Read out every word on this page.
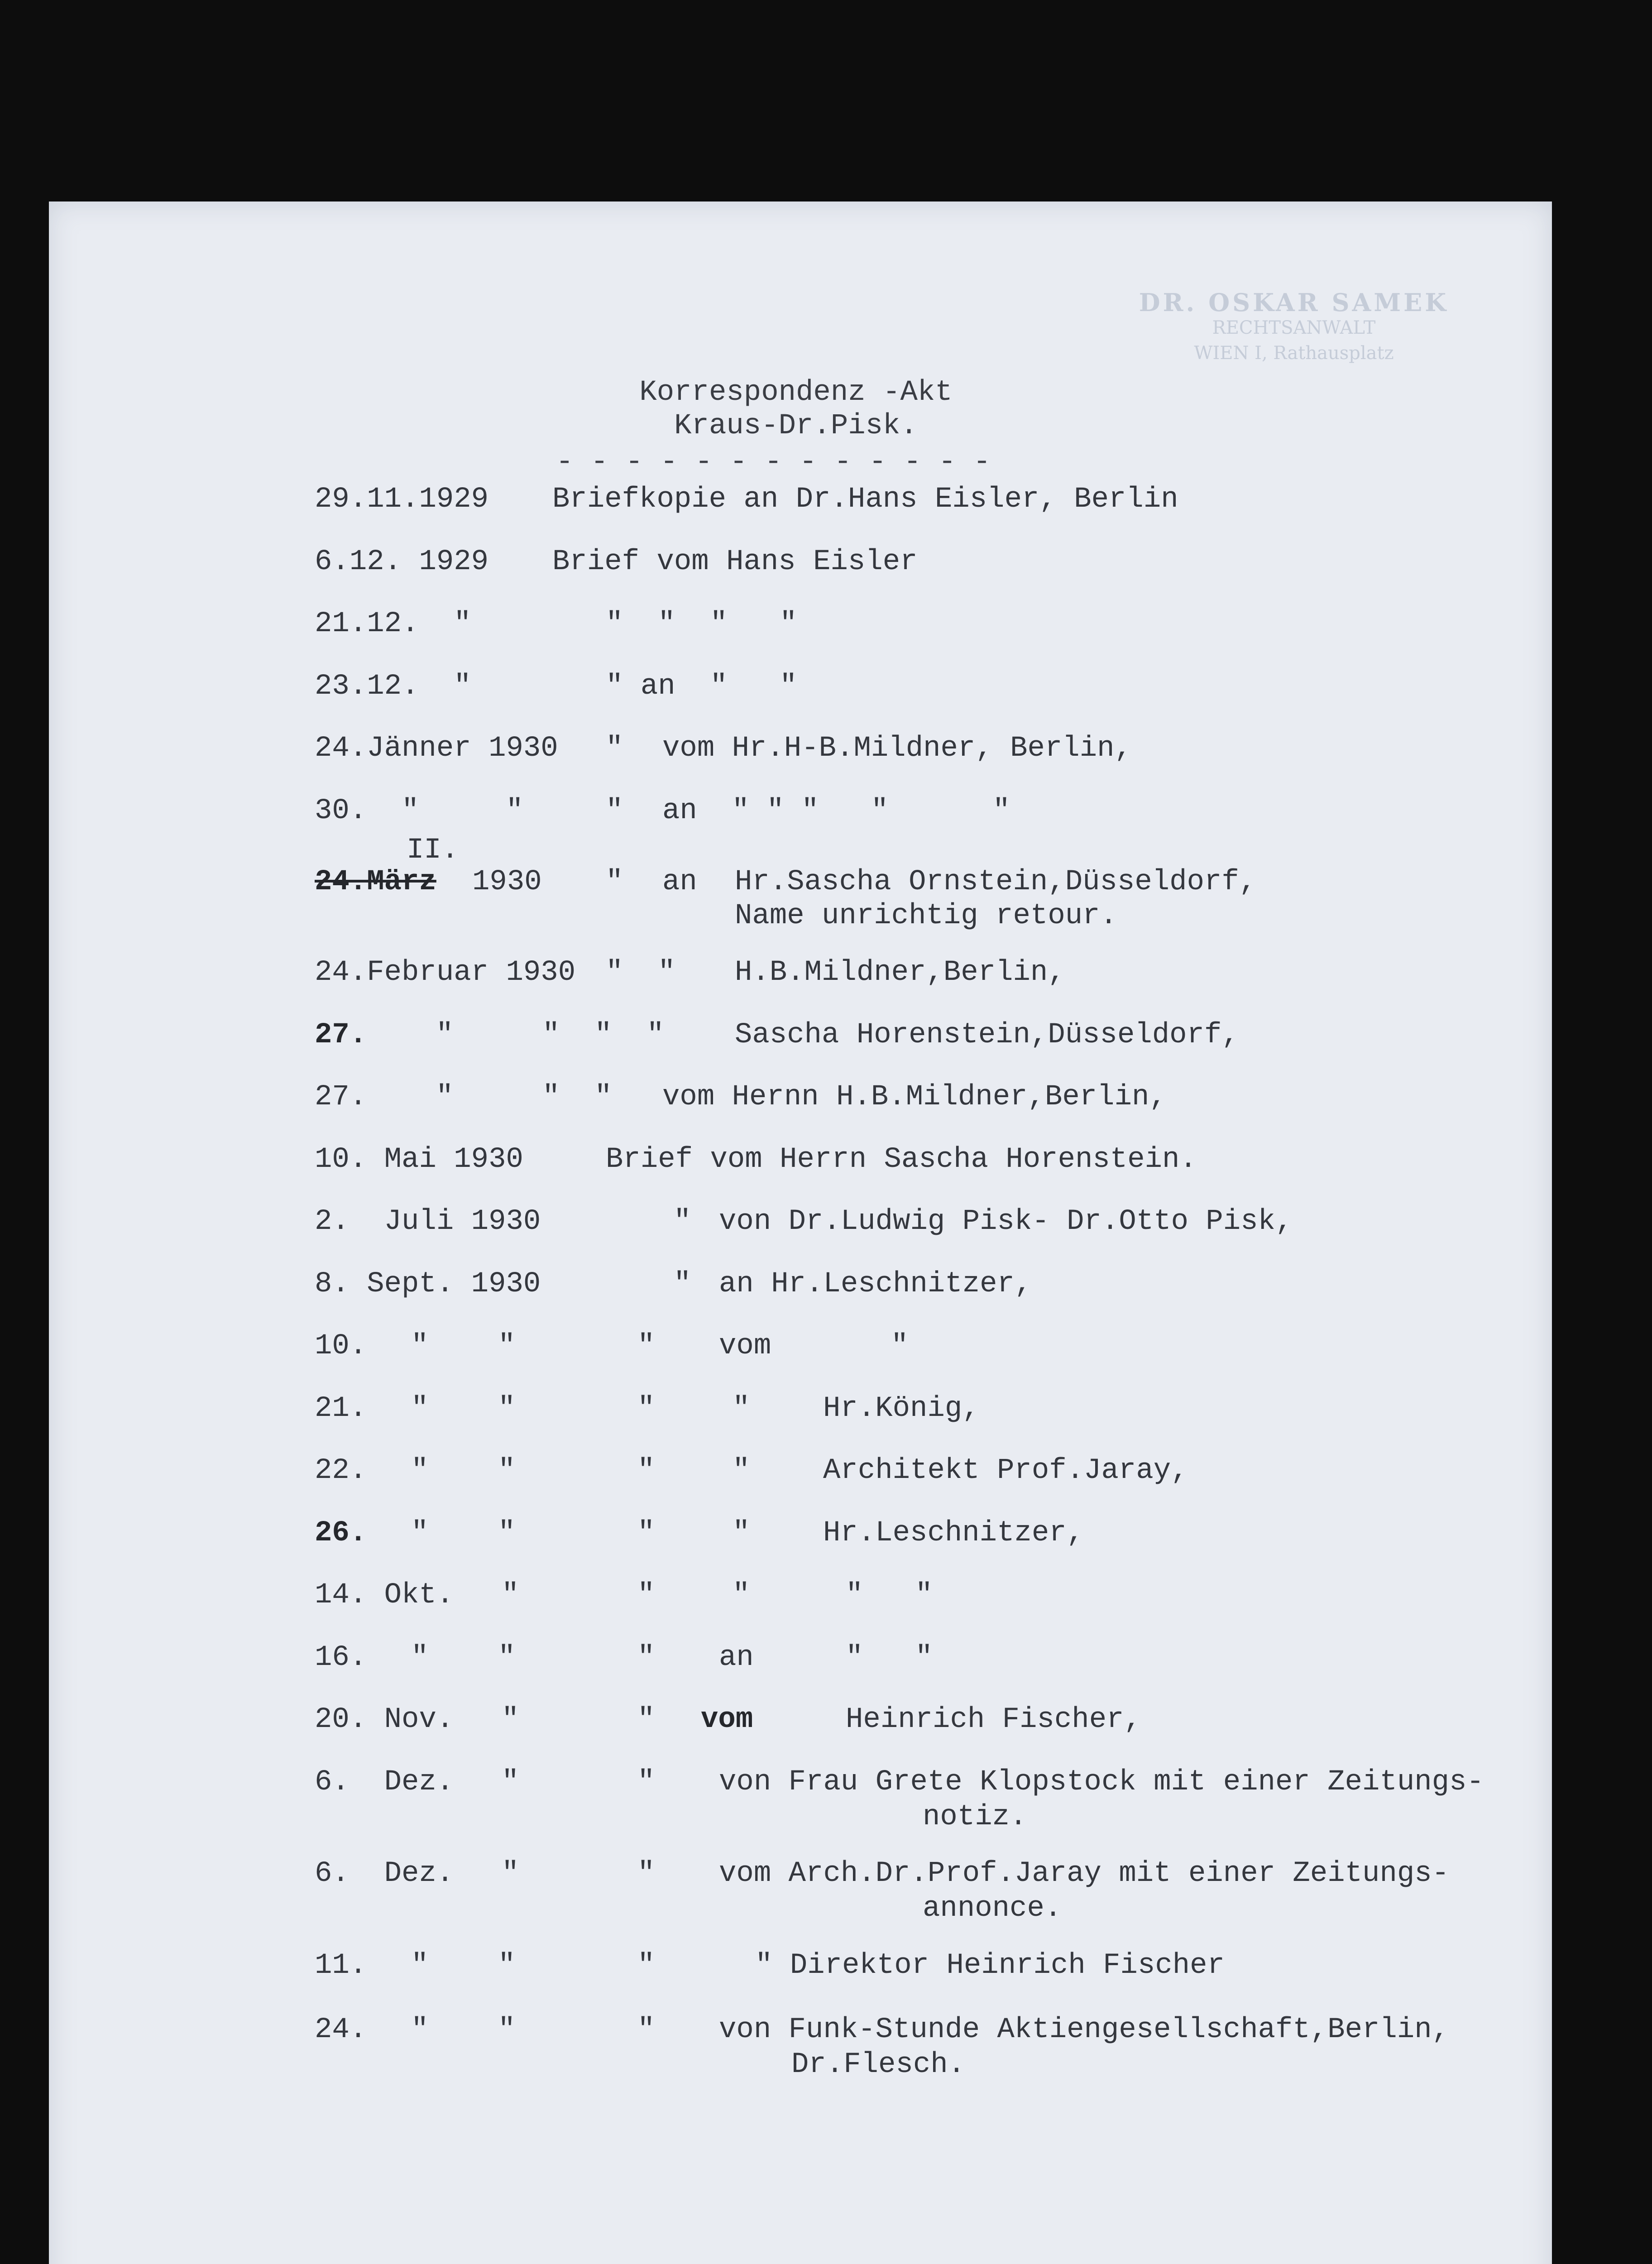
DR. OSKAR SAMEK
RECHTSANWALT
WIEN I, Rathausplatz
Korrespondenz -Akt
Kraus-Dr.Pisk.
- - - - - - - - - - - - -
29.11.1929 Briefkopie an Dr.Hans Eisler, Berlin
6.12. 1929 Brief vom Hans Eisler
21.12.  "	"  "  "   "
23.12.  "	" an  "   "
24.Jänner 1930 " vom Hr.H-B.Mildner, Berlin,
30.  "     "	" an  " " "   "      "
II.
24.März 1930 " an Hr.Sascha Ornstein,Düsseldorf,
Name unrichtig retour.
24.Februar 1930 "  " H.B.Mildner,Berlin,
27. "	"  "  " Sascha Horenstein,Düsseldorf,
27. "	"  " vom Hernn H.B.Mildner,Berlin,
10. Mai 1930	Brief vom Herrn Sascha Horenstein.
2.  Juli 1930	" von Dr.Ludwig Pisk- Dr.Otto Pisk,
8. Sept. 1930	" an Hr.Leschnitzer,
10. "    "	" vom	"
21. "    "	"	"	Hr.König,
22. "    "	"	"	Architekt Prof.Jaray,
26. "    "	"	"	Hr.Leschnitzer,
14. Okt. "	"	"	"   "
16. "    "	" an	"   "
20. Nov. "	" vom	Heinrich Fischer,
6.  Dez. "	" von Frau Grete Klopstock mit einer Zeitungs-
notiz.
6.  Dez. "	" vom Arch.Dr.Prof.Jaray mit einer Zeitungs-
annonce.
11. "    "	"	" Direktor Heinrich Fischer
24. "    "	" von Funk-Stunde Aktiengesellschaft,Berlin,
Dr.Flesch.
